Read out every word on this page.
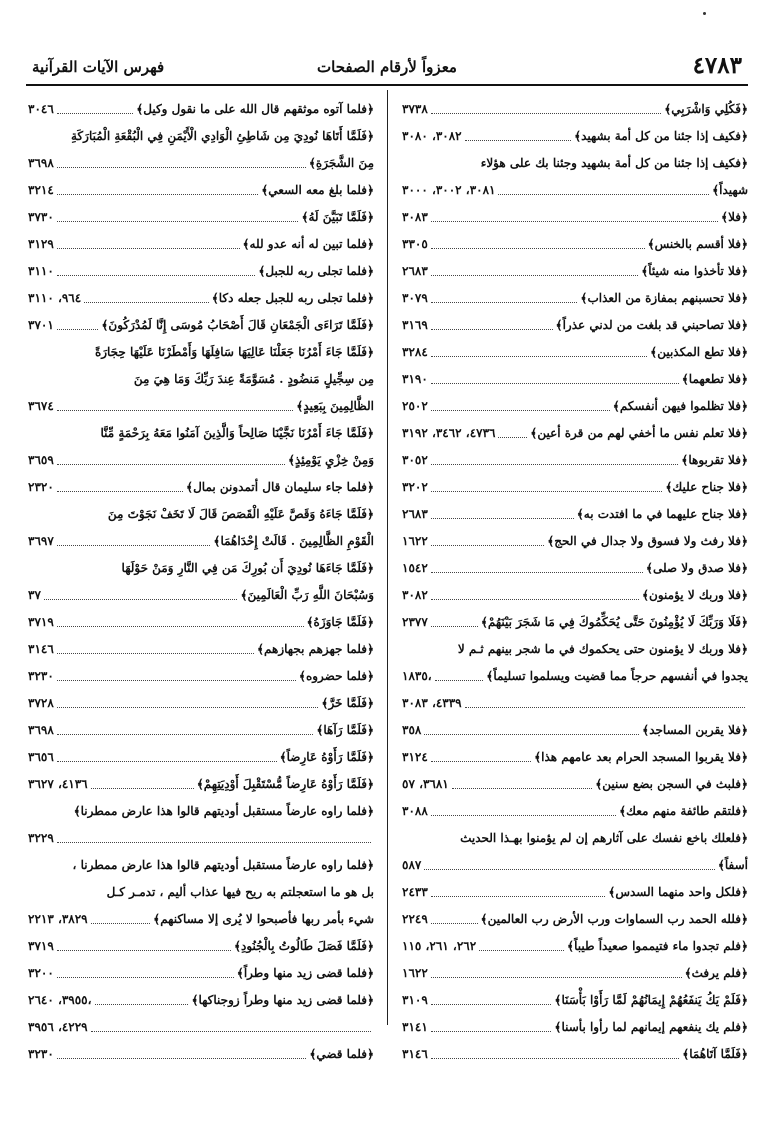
٤٧٨٣
معزواً لأرقام الصفحات
فهرس الآيات القرآنية
﴿فَكُلِي وَاشْرَبِي﴾
٣٧٣٨
﴿فكيف إذا جئنا من كل أمة بشهيد﴾
٣٠٨٢، ٣٠٨٠
﴿فكيف إذا جئنا من كل أمة بشهيد وجئنا بك على هؤلاء
شهيداً﴾
٣٠٨١، ٣٠٠٢، ٣٠٠٠
﴿فلا﴾
٣٠٨٣
﴿فلا أقسم بالخنس﴾
٣٣٠٥
﴿فلا تأخذوا منه شيئاً﴾
٢٦٨٣
﴿فلا تحسبنهم بمفازة من العذاب﴾
٣٠٧٩
﴿فلا تصاحبني قد بلغت من لدني عذراً﴾
٣١٦٩
﴿فلا تطع المكذبين﴾
٣٢٨٤
﴿فلا تطعهما﴾
٣١٩٠
﴿فلا تظلموا فيهن أنفسكم﴾
٢٥٠٢
﴿فلا تعلم نفس ما أخفي لهم من قرة أعين﴾
٤٧٣٦، ٣٤٦٢، ٣١٩٢
﴿فلا تقربوها﴾
٣٠٥٢
﴿فلا جناح عليك﴾
٣٢٠٢
﴿فلا جناح عليهما في ما افتدت به﴾
٢٦٨٣
﴿فلا رفث ولا فسوق ولا جدال في الحج﴾
١٦٢٢
﴿فلا صدق ولا صلى﴾
١٥٤٢
﴿فلا وربك لا يؤمنون﴾
٣٠٨٢
﴿فَلَا وَرَبِّكَ لَا يُؤْمِنُونَ حَتَّى يُحَكِّمُوكَ فِي مَا شَجَرَ بَيْنَهُمْ﴾
٢٣٧٧
﴿فلا وربك لا يؤمنون حتى يحكموك في ما شجر بينهم ثـم لا
يجدوا في أنفسهم حرجاً مما قضيت ويسلموا تسليماً﴾
١٨٣٥،
٤٣٣٩، ٣٠٨٣
﴿فلا يقربن المساجد﴾
٣٥٨
﴿فلا يقربوا المسجد الحرام بعد عامهم هذا﴾
٣١٢٤
﴿فلبث في السجن بضع سنين﴾
٣٦٨١، ٥٧
﴿فلتقم طائفة منهم معك﴾
٣٠٨٨
﴿فلعلك باخع نفسك على آثارهم إن لم يؤمنوا بهـذا الحديث
أسفاً﴾
٥٨٧
﴿فلكل واحد منهما السدس﴾
٢٤٣٣
﴿فلله الحمد رب السماوات ورب الأرض رب العالمين﴾
٢٢٤٩
﴿فلم تجدوا ماء فتيمموا صعيداً طيباً﴾
٢٦٢، ٢٦١، ١١٥
﴿فلم يرفث﴾
١٦٢٢
﴿فَلَمْ يَكُ يَنفَعُهُمْ إِيمَانُهُمْ لَمَّا رَأَوْا بَأْسَنَا﴾
٣١٠٩
﴿فلم يك ينفعهم إيمانهم لما رأوا بأسنا﴾
٣١٤١
﴿فَلَمَّا آتَاهُمَا﴾
٣١٤٦
﴿فلما آتوه موثقهم قال الله على ما نقول وكيل﴾
٣٠٤٦
﴿فَلَمَّا أَتَاهَا نُودِيَ مِن شَاطِئِ الْوَادِي الْأَيْمَنِ فِي الْبُقْعَةِ الْمُبَارَكَةِ
مِنَ الشَّجَرَةِ﴾
٣٦٩٨
﴿فلما بلغ معه السعي﴾
٣٢١٤
﴿فَلَمَّا تَبَيَّنَ لَهُ﴾
٣٧٣٠
﴿فلما تبين له أنه عدو لله﴾
٣١٢٩
﴿فلما تجلى ربه للجبل﴾
٣١١٠
﴿فلما تجلى ربه للجبل جعله دكا﴾
٩٦٤، ٣١١٠
﴿فَلَمَّا تَرَاءَى الْجَمْعَانِ قَالَ أَصْحَابُ مُوسَى إِنَّا لَمُدْرَكُونَ﴾
٣٧٠١
﴿فَلَمَّا جَاءَ أَمْرُنَا جَعَلْنَا عَالِيَهَا سَافِلَهَا وَأَمْطَرْنَا عَلَيْهَا حِجَارَةً
مِن سِجِّيلٍ مَنضُودٍ . مُسَوَّمَةً عِندَ رَبِّكَ وَمَا هِيَ مِنَ
الظَّالِمِينَ بِبَعِيدٍ﴾
٣٦٧٤
﴿فَلَمَّا جَاءَ أَمْرُنَا نَجَّيْنَا صَالِحاً وَالَّذِينَ آمَنُوا مَعَهُ بِرَحْمَةٍ مِّنَّا
وَمِنْ خِزْيِ يَوْمِئِذٍ﴾
٣٦٥٩
﴿فلما جاء سليمان قال أتمدونن بمال﴾
٢٣٢٠
﴿فَلَمَّا جَاءَهُ وَقَصَّ عَلَيْهِ الْقَصَصَ قَالَ لَا تَخَفْ نَجَوْتَ مِنَ
الْقَوْمِ الظَّالِمِينَ . قَالَتْ إِحْدَاهُمَا﴾
٣٦٩٧
﴿فَلَمَّا جَاءَهَا نُودِيَ أَن بُورِكَ مَن فِي النَّارِ وَمَنْ حَوْلَهَا
وَسُبْحَانَ اللَّهِ رَبِّ الْعَالَمِينَ﴾
٣٧
﴿فَلَمَّا جَاوَزَهُ﴾
٣٧١٩
﴿فلما جهزهم بجهازهم﴾
٣١٤٦
﴿فلما حضروه﴾
٣٢٣٠
﴿فَلَمَّا خَرَّ﴾
٣٧٢٨
﴿فَلَمَّا رَآهَا﴾
٣٦٩٨
﴿فَلَمَّا رَأَوْهُ عَارِضاً﴾
٣٦٥٦
﴿فَلَمَّا رَأَوْهُ عَارِضاً مُّسْتَقْبِلَ أَوْدِيَتِهِمْ﴾
٤١٣٦، ٣٦٢٧
﴿فلما راوه عارضاً مستقبل أوديتهم قالوا هذا عارض ممطرنا﴾
٣٢٢٩
﴿فلما راوه عارضاً مستقبل أوديتهم قالوا هذا عارض ممطرنا ،
بل هو ما استعجلتم به ريح فيها عذاب أليم ، تدمـر كـل
شيء بأمر ربها فأصبحوا لا يُرى إلا مساكنهم﴾
٣٨٢٩، ٢٢١٣
﴿فَلَمَّا فَصَلَ طَالُوتُ بِالْجُنُودِ﴾
٣٧١٩
﴿فلما قضى زيد منها وطراً﴾
٣٢٠٠
﴿فلما قضى زيد منها وطراً زوجناكها﴾
٣٩٥٥، ٢٦٤٠،
٤٢٢٩، ٣٩٥٦
﴿فلما قضي﴾
٣٢٣٠
